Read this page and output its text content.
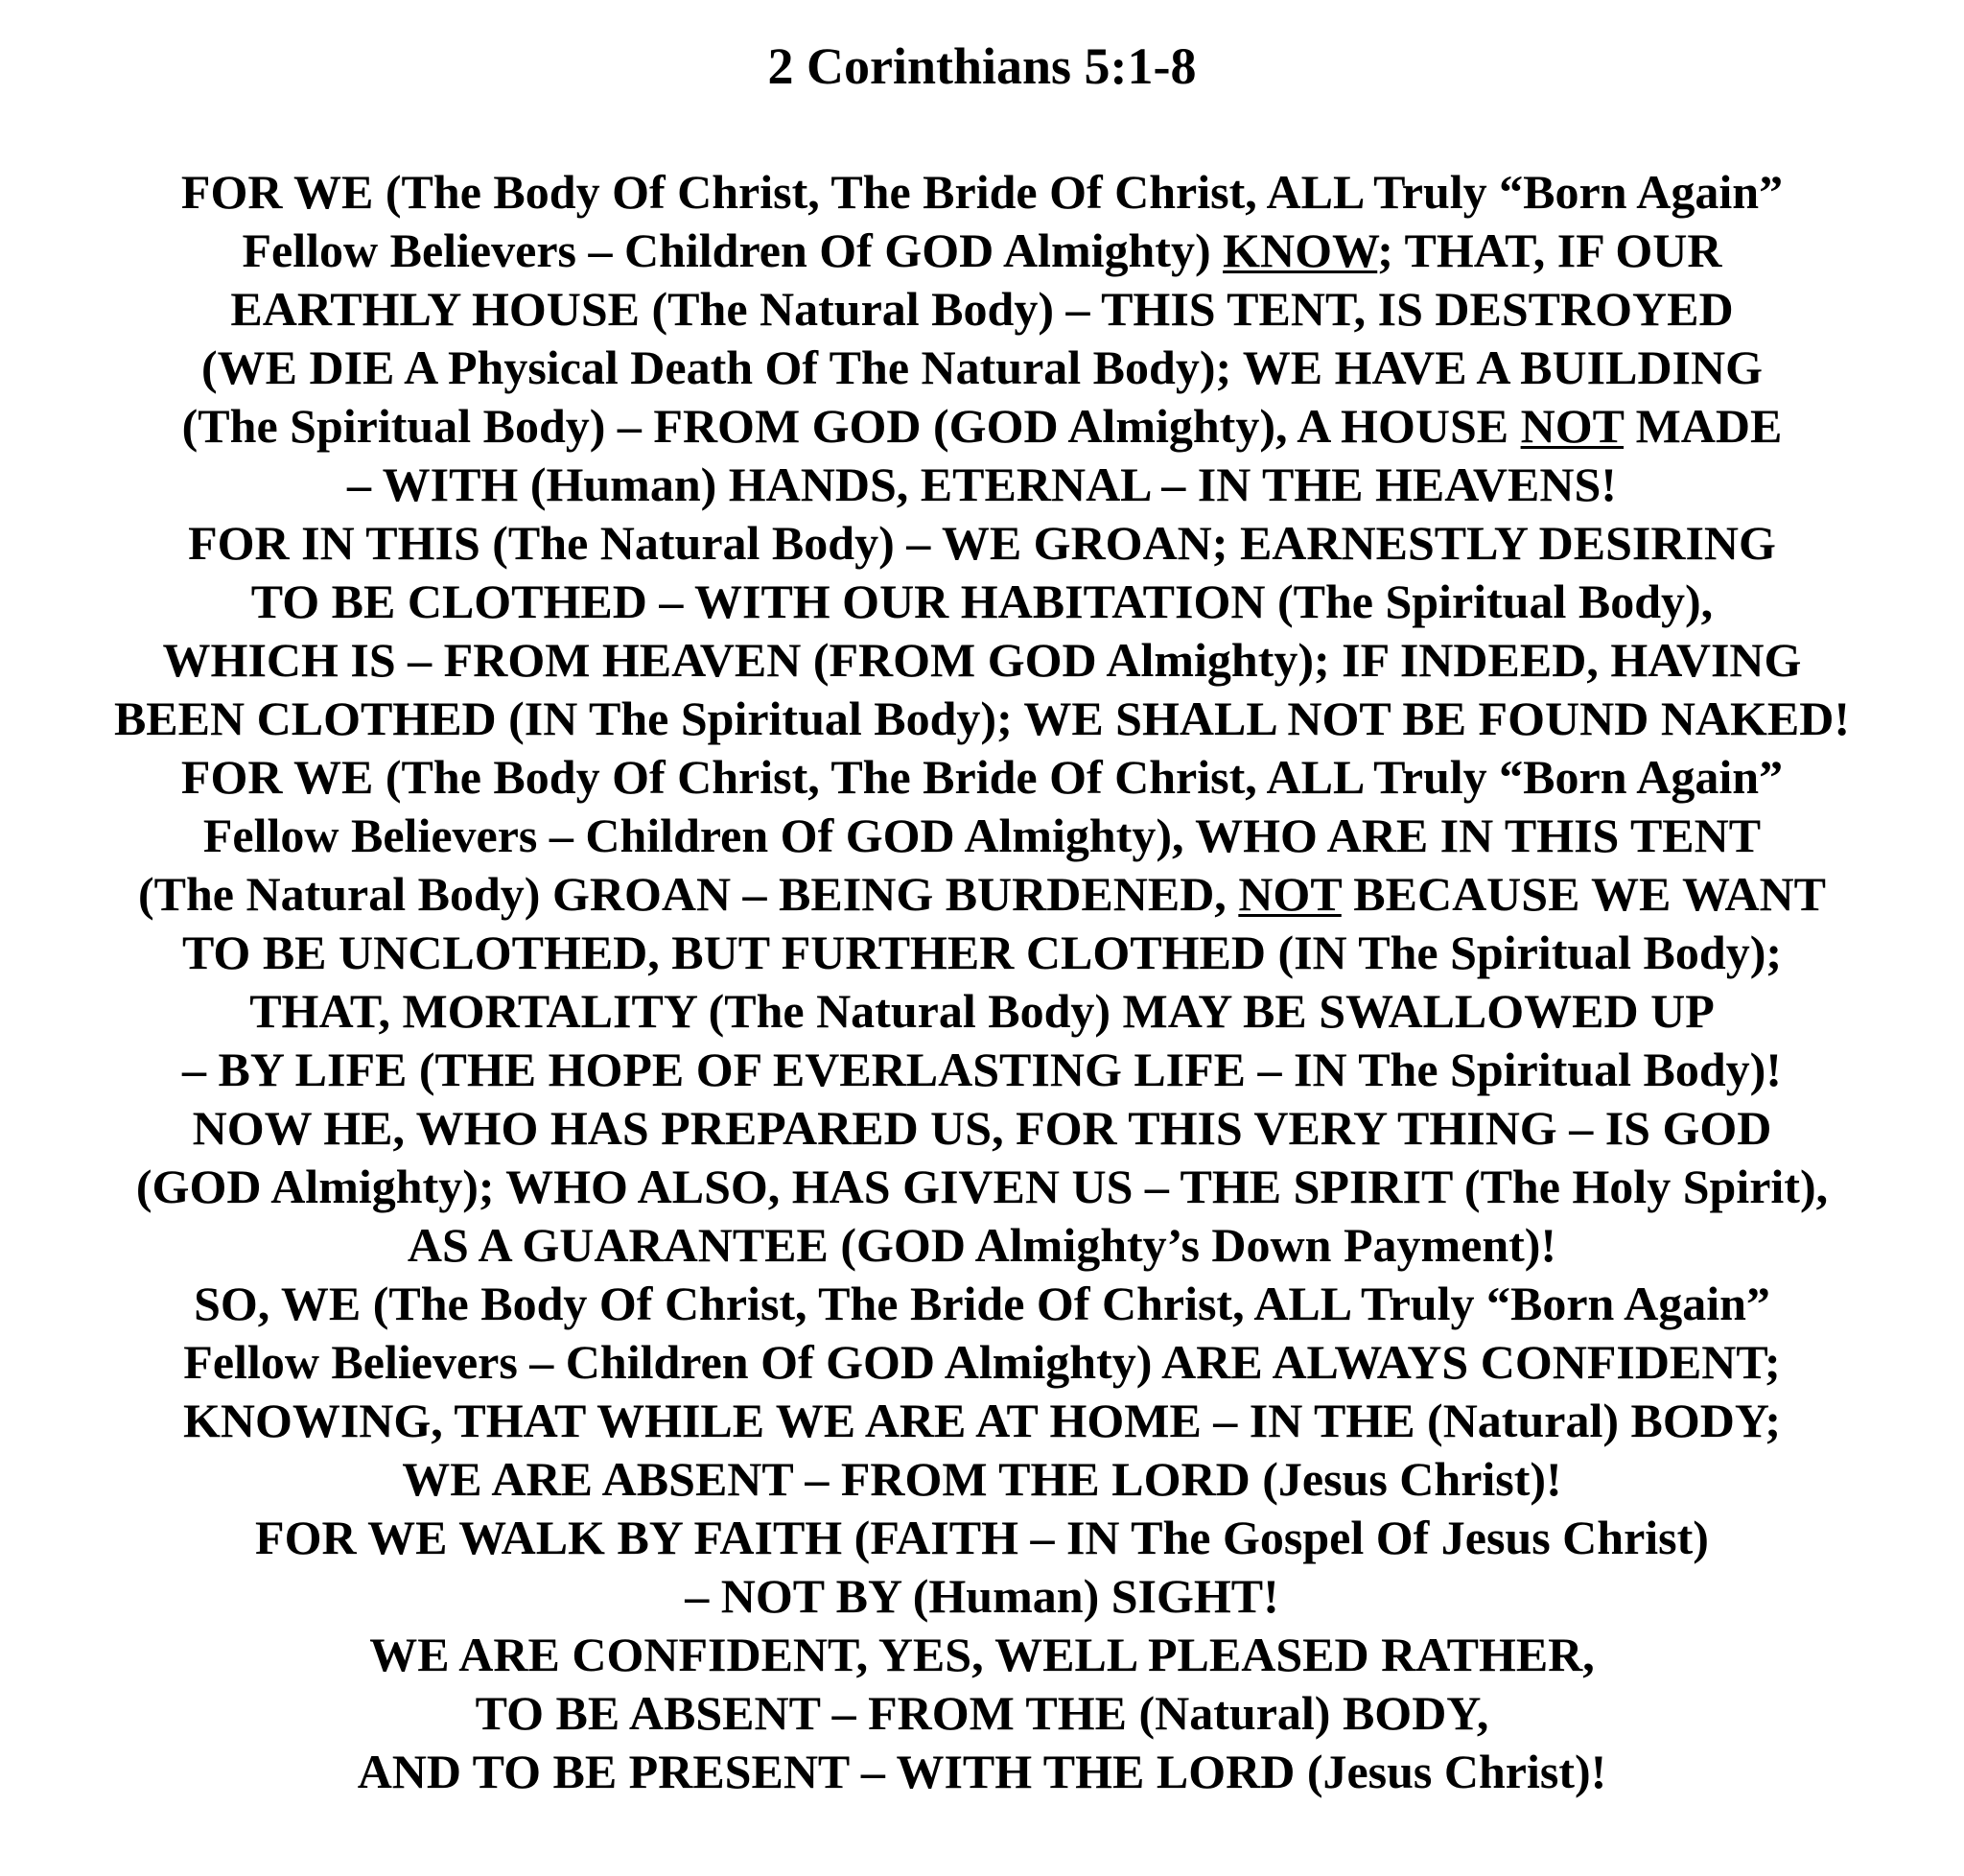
2 Corinthians 5:1-8
FOR WE (The Body Of Christ, The Bride Of Christ, ALL Truly “Born Again”
Fellow Believers – Children Of GOD Almighty) KNOW; THAT, IF OUR
EARTHLY HOUSE (The Natural Body) – THIS TENT, IS DESTROYED
(WE DIE A Physical Death Of The Natural Body); WE HAVE A BUILDING
(The Spiritual Body) – FROM GOD (GOD Almighty), A HOUSE NOT MADE
– WITH (Human) HANDS, ETERNAL – IN THE HEAVENS!
FOR IN THIS (The Natural Body) – WE GROAN; EARNESTLY DESIRING
TO BE CLOTHED – WITH OUR HABITATION (The Spiritual Body),
WHICH IS – FROM HEAVEN (FROM GOD Almighty); IF INDEED, HAVING
BEEN CLOTHED (IN The Spiritual Body); WE SHALL NOT BE FOUND NAKED!
FOR WE (The Body Of Christ, The Bride Of Christ, ALL Truly “Born Again”
Fellow Believers – Children Of GOD Almighty), WHO ARE IN THIS TENT
(The Natural Body) GROAN – BEING BURDENED, NOT BECAUSE WE WANT
TO BE UNCLOTHED, BUT FURTHER CLOTHED (IN The Spiritual Body);
THAT, MORTALITY (The Natural Body) MAY BE SWALLOWED UP
– BY LIFE (THE HOPE OF EVERLASTING LIFE – IN The Spiritual Body)!
NOW HE, WHO HAS PREPARED US, FOR THIS VERY THING – IS GOD
(GOD Almighty); WHO ALSO, HAS GIVEN US – THE SPIRIT (The Holy Spirit),
AS A GUARANTEE (GOD Almighty’s Down Payment)!
SO, WE (The Body Of Christ, The Bride Of Christ, ALL Truly “Born Again”
Fellow Believers – Children Of GOD Almighty) ARE ALWAYS CONFIDENT;
KNOWING, THAT WHILE WE ARE AT HOME – IN THE (Natural) BODY;
WE ARE ABSENT – FROM THE LORD (Jesus Christ)!
FOR WE WALK BY FAITH (FAITH – IN The Gospel Of Jesus Christ)
– NOT BY (Human) SIGHT!
WE ARE CONFIDENT, YES, WELL PLEASED RATHER,
TO BE ABSENT – FROM THE (Natural) BODY,
AND TO BE PRESENT – WITH THE LORD (Jesus Christ)!
